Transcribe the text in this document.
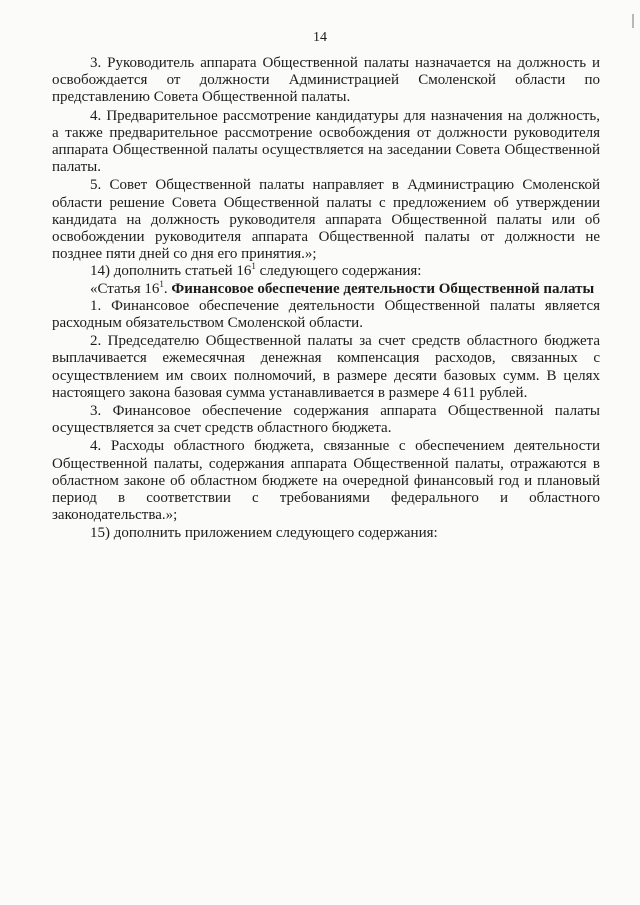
14

3. Руководитель аппарата Общественной палаты назначается на должность и освобождается от должности Администрацией Смоленской области по представлению Совета Общественной палаты.

4. Предварительное рассмотрение кандидатуры для назначения на должность, а также предварительное рассмотрение освобождения от должности руководителя аппарата Общественной палаты осуществляется на заседании Совета Общественной палаты.

5. Совет Общественной палаты направляет в Администрацию Смоленской области решение Совета Общественной палаты с предложением об утверждении кандидата на должность руководителя аппарата Общественной палаты или об освобождении руководителя аппарата Общественной палаты от должности не позднее пяти дней со дня его принятия.»;

14) дополнить статьей $16^1$ следующего содержания:

«Статья $16^1$. Финансовое обеспечение деятельности Общественной палаты

1. Финансовое обеспечение деятельности Общественной палаты является расходным обязательством Смоленской области.

2. Председателю Общественной палаты за счет средств областного бюджета выплачивается ежемесячная денежная компенсация расходов, связанных с осуществлением им своих полномочий, в размере десяти базовых сумм. В целях настоящего закона базовая сумма устанавливается в размере 4 611 рублей.

3. Финансовое обеспечение содержания аппарата Общественной палаты осуществляется за счет средств областного бюджета.

4. Расходы областного бюджета, связанные с обеспечением деятельности Общественной палаты, содержания аппарата Общественной палаты, отражаются в областном законе об областном бюджете на очередной финансовый год и плановый период в соответствии с требованиями федерального и областного законодательства.»;

15) дополнить приложением следующего содержания:
